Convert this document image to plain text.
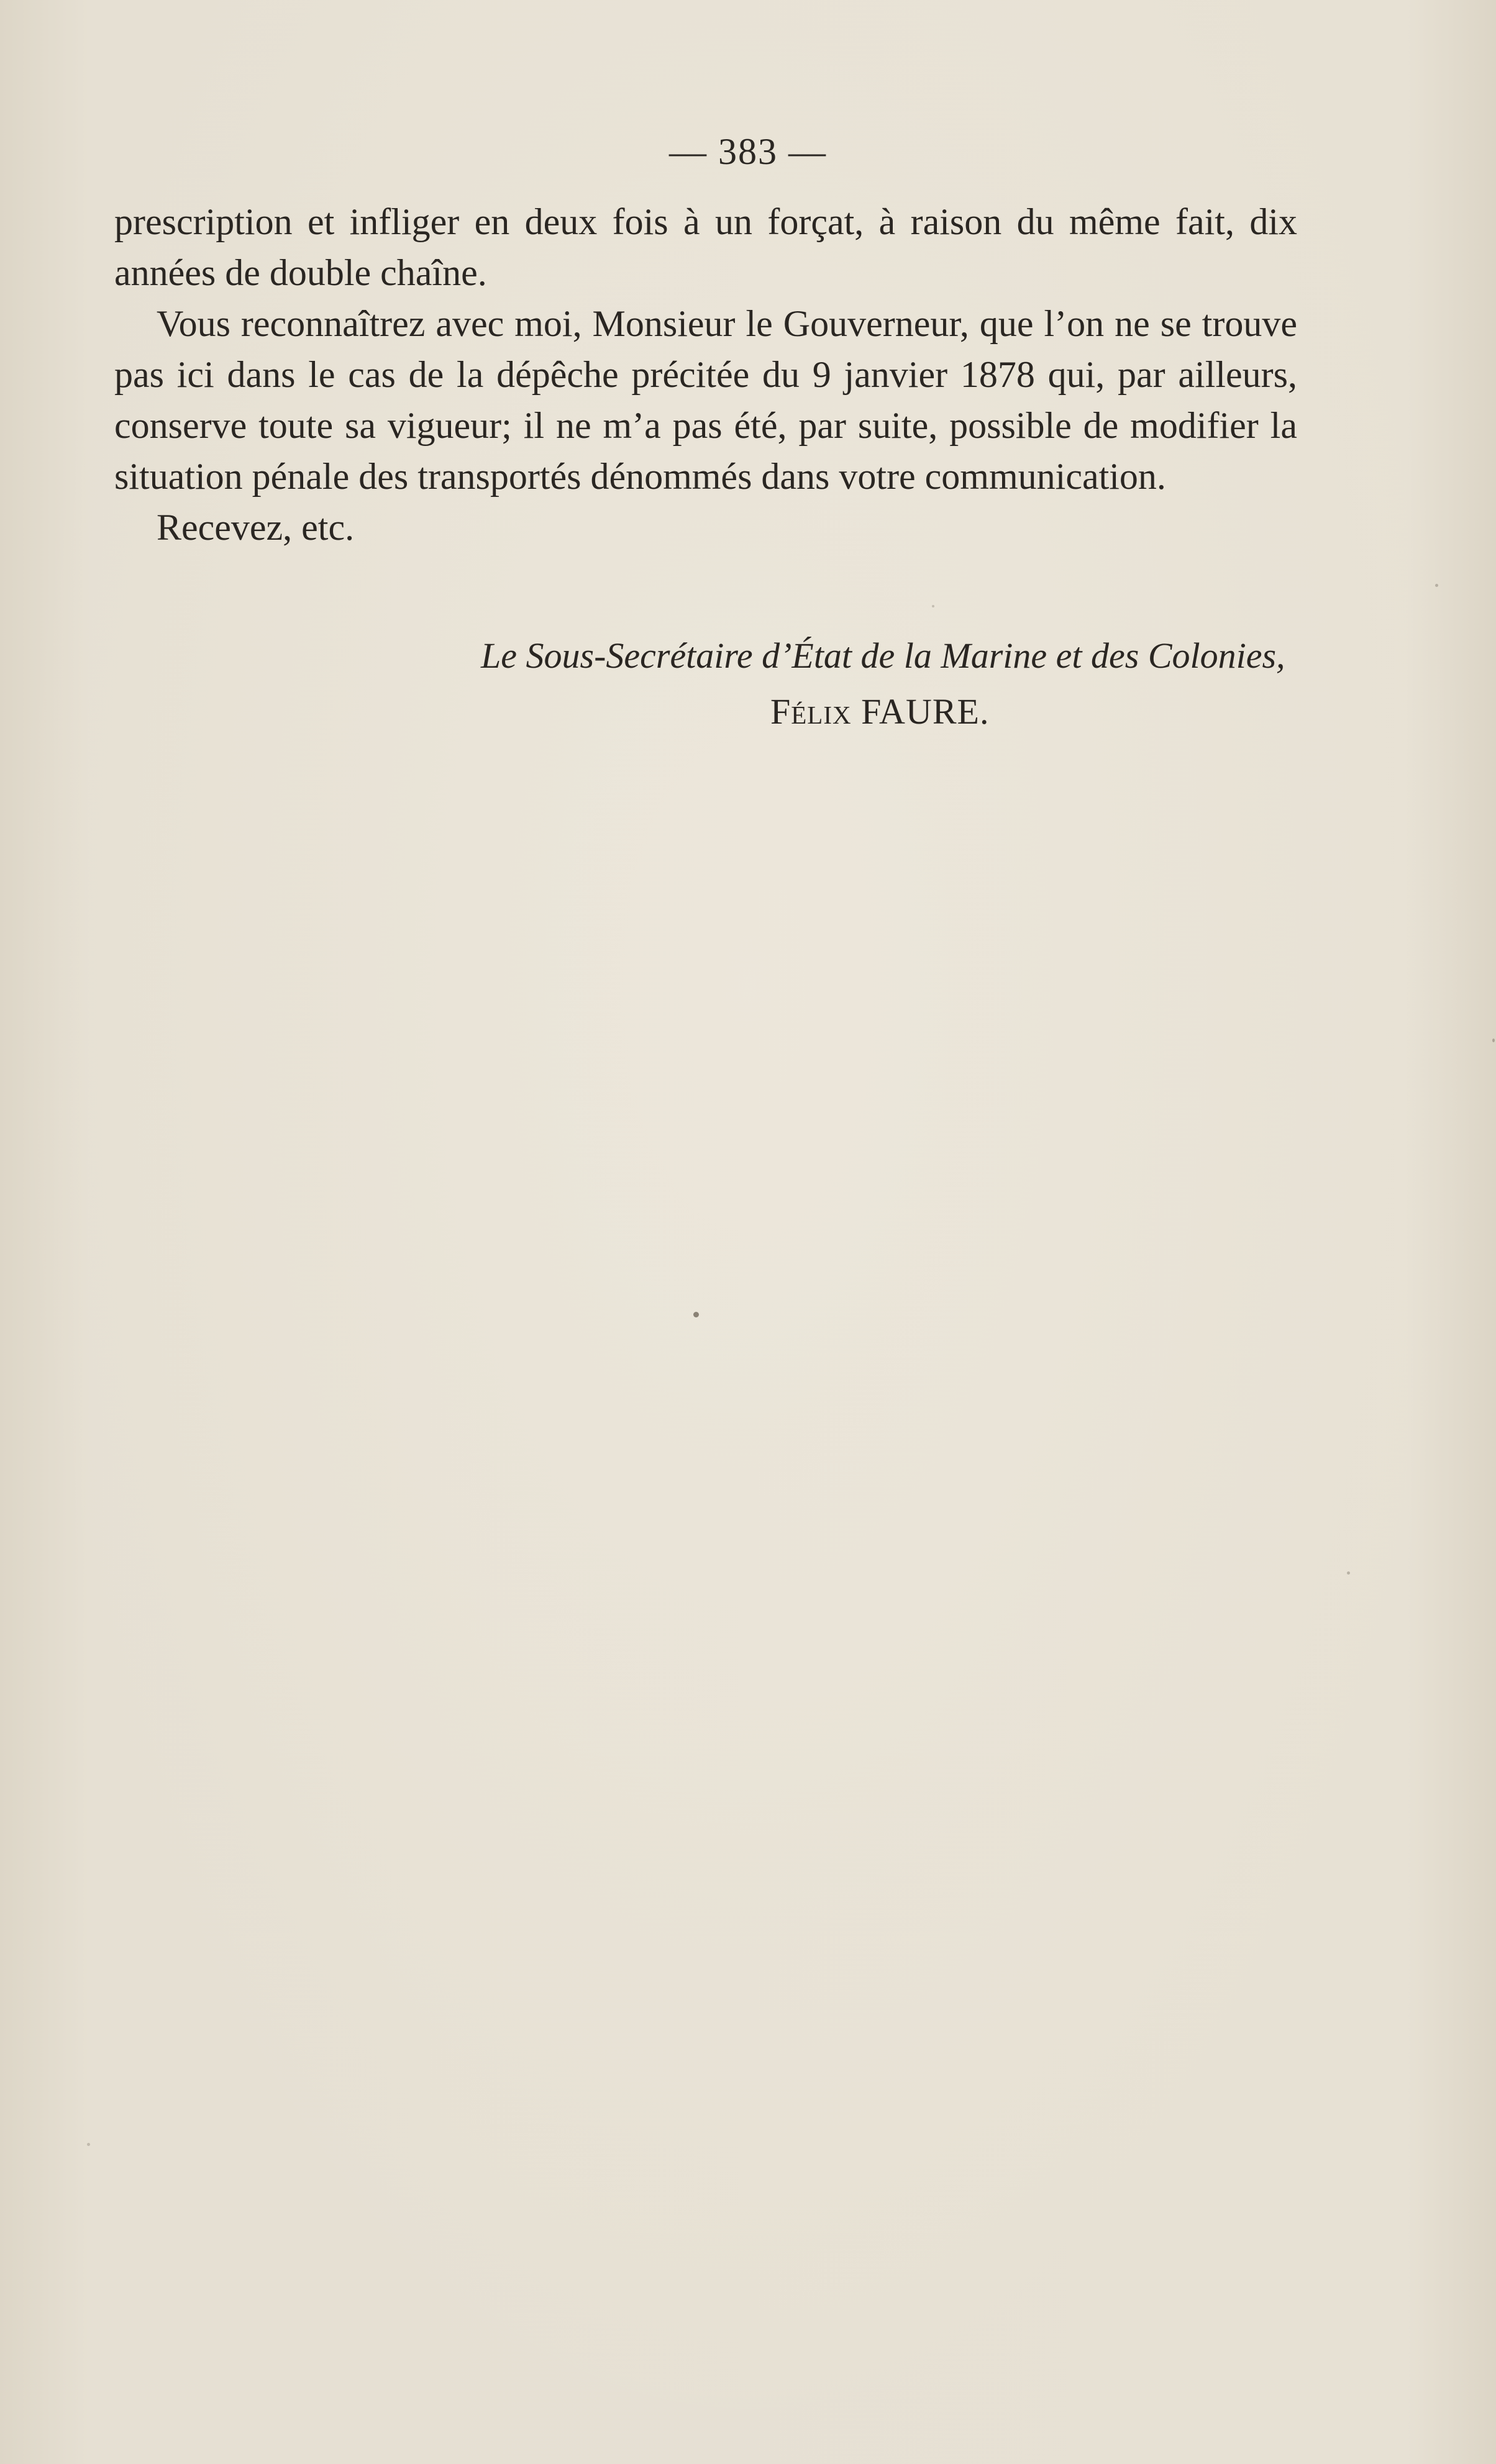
— 383 —

prescription et infliger en deux fois à un forçat, à raison du même fait, dix années de double chaîne.

Vous reconnaîtrez avec moi, Monsieur le Gouverneur, que l’on ne se trouve pas ici dans le cas de la dépêche précitée du 9 janvier 1878 qui, par ailleurs, conserve toute sa vigueur; il ne m’a pas été, par suite, possible de modifier la situation pénale des transportés dénommés dans votre communication.

Recevez, etc.

Le Sous-Secrétaire d’État de la Marine et des Colonies,
Félix FAURE.
